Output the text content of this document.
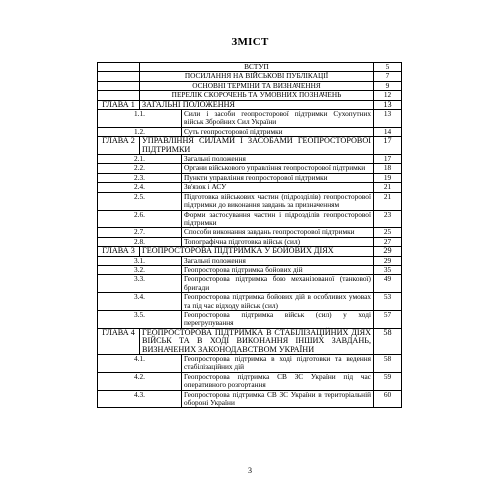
ЗМІСТ
	ВСТУП		5
	ПОСИЛАННЯ НА ВІЙСЬКОВІ ПУБЛІКАЦІЇ		7
	ОСНОВНІ ТЕРМІНИ ТА ВИЗНАЧЕННЯ		9
	ПЕРЕЛІК СКОРОЧЕНЬ ТА УМОВНИХ ПОЗНАЧЕНЬ		12
ГЛАВА 1	ЗАГАЛЬНІ ПОЛОЖЕННЯ		13
1.1.		Сили і засоби геопросторової підтримки Сухопутних військ Збройних Сил України	13
1.2.		Суть геопросторової підтримки	14
ГЛАВА 2	УПРАВЛІННЯ СИЛАМИ І ЗАСОБАМИ ГЕОПРОСТОРОВОЇ ПІДТРИМКИ		17
2.1.		Загальні положення	17
2.2.		Органи військового управління геопросторової підтримки	18
2.3.		Пункти управління геопросторової підтримки	19
2.4.		Зв'язок і АСУ	21
2.5.		Підготовка військових частин (підрозділів) геопросторової підтримки до виконання завдань за призначенням	21
2.6.		Форми застосування частин і підрозділів геопросторової підтримки	23
2.7.		Способи виконання завдань геопросторової підтримки	25
2.8.		Топографічна підготовка військ (сил)	27
ГЛАВА 3	ГЕОПРОСТОРОВА ПІДТРИМКА У БОЙОВИХ ДІЯХ		29
3.1.		Загальні положення	29
3.2.		Геопросторова підтримка бойових дій	35
3.3.		Геопросторова підтримка бою механізованої (танкової) бригади	49
3.4.		Геопросторова підтримка бойових дій в особливих умовах та під час відходу військ (сил)	53
3.5.		Геопросторова підтримка військ (сил) у ході перегрупування	57
ГЛАВА 4	ГЕОПРОСТОРОВА ПІДТРИМКА В СТАБІЛІЗАЦІЙНИХ ДІЯХ ВІЙСЬК ТА В ХОДІ ВИКОНАННЯ ІНШИХ ЗАВДАНЬ, ВИЗНАЧЕНИХ ЗАКОНОДАВСТВОМ УКРАЇНИ		58
4.1.		Геопросторова підтримка в ході підготовки та ведення стабілізаційних дій	58
4.2.		Геопросторова підтримка СВ ЗС України під час оперативного розгортання	59
4.3.		Геопросторова підтримка СВ ЗС України в територіальній обороні України	60
3
